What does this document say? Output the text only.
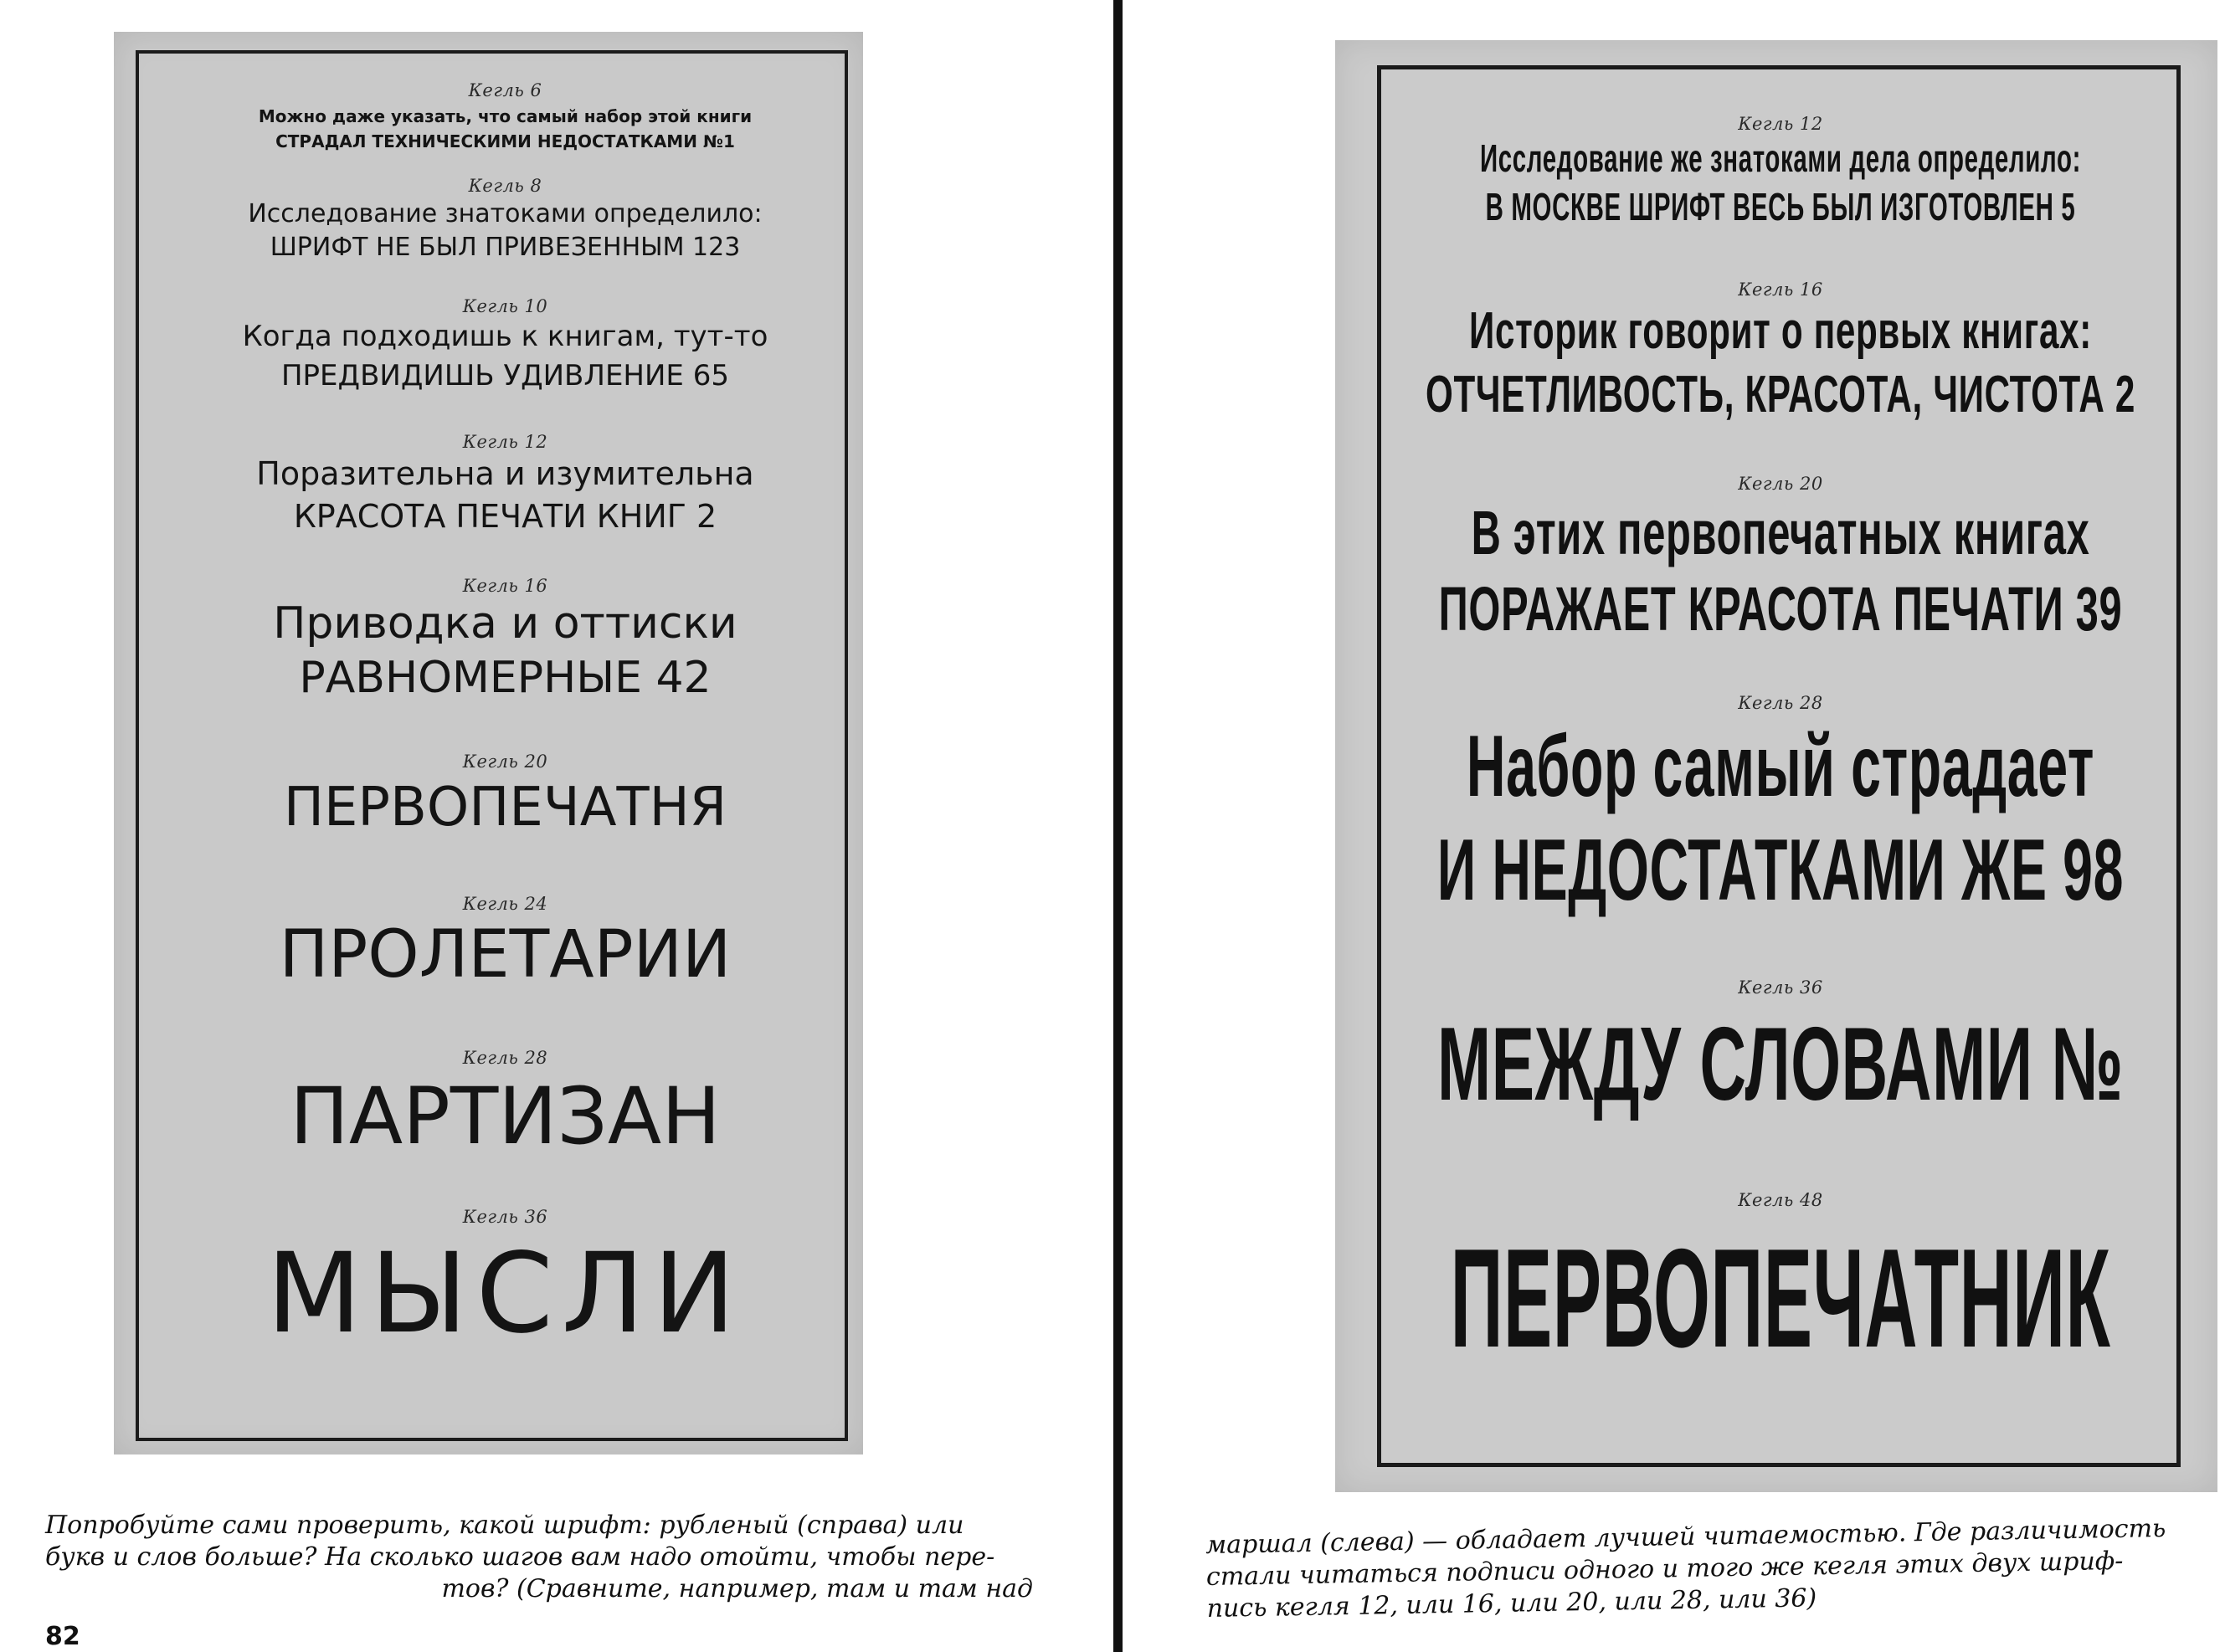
Кегль 6
Можно даже указать, что самый набор этой книги
СТРАДАЛ ТЕХНИЧЕСКИМИ НЕДОСТАТКАМИ №1
Кегль 8
Исследование знатоками определило:
ШРИФТ НЕ БЫЛ ПРИВЕЗЕННЫМ 123
Кегль 10
Когда подходишь к книгам, тут-то
ПРЕДВИДИШЬ УДИВЛЕНИЕ 65
Кегль 12
Поразительна и изумительна
КРАСОТА ПЕЧАТИ КНИГ 2
Кегль 16
Приводка и оттиски
РАВНОМЕРНЫЕ 42
Кегль 20
ПЕРВОПЕЧАТНЯ
Кегль 24
ПРОЛЕТАРИИ
Кегль 28
ПАРТИЗАН
Кегль 36
МЫСЛИ
Попробуйте сами проверить, какой шрифт: рубленый (справа) или
букв и слов больше? На сколько шагов вам надо отойти, чтобы пере-
тов? (Сравните, например, там и там над
82
Кегль 12
Исследование же знатоками дела определило:
В МОСКВЕ ШРИФТ ВЕСЬ БЫЛ ИЗГОТОВЛЕН 5
Кегль 16
Историк говорит о первых книгах:
ОТЧЕТЛИВОСТЬ, КРАСОТА, ЧИСТОТА 2
Кегль 20
В этих первопечатных книгах
ПОРАЖАЕТ КРАСОТА ПЕЧАТИ 39
Кегль 28
Набор самый страдает
И НЕДОСТАТКАМИ ЖЕ 98
Кегль 36
МЕЖДУ СЛОВАМИ №
Кегль 48
ПЕРВОПЕЧАТНИК
маршал (слева) — обладает лучшей читаемостью. Где различимость
стали читаться подписи одного и того же кегля этих двух шриф-
пись кегля 12, или 16, или 20, или 28, или 36)
